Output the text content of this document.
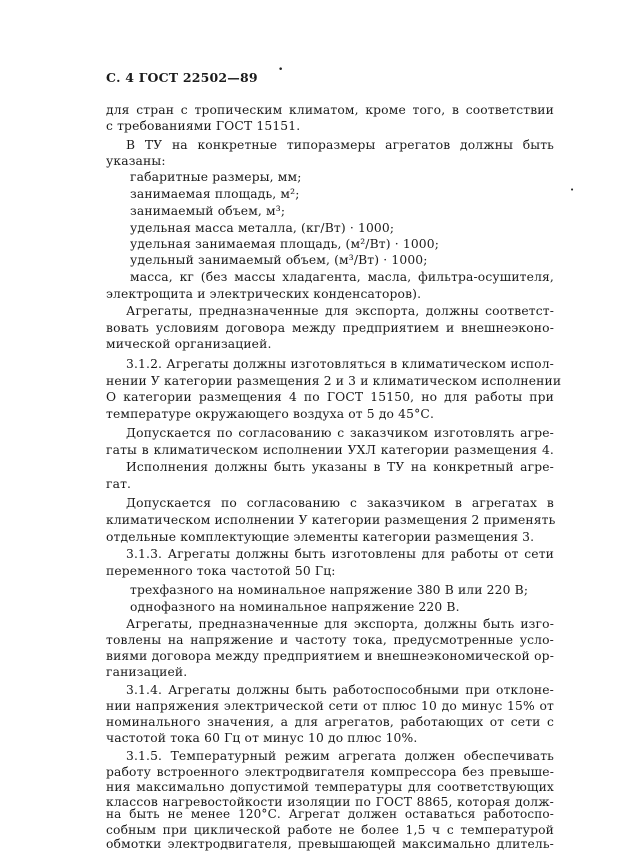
С. 4 ГОСТ 22502—89 •
•
для стран с тропическим климатом, кроме того, в соответствии
с требованиями ГОСТ 15151.
В ТУ на конкретные типоразмеры агрегатов должны быть
указаны:
габаритные размеры, мм;
занимаемая площадь, м²;
занимаемый объем, м³;
удельная масса металла, (кг/Вт) · 1000;
удельная занимаемая площадь, (м²/Вт) · 1000;
удельный занимаемый объем, (м³/Вт) · 1000;
масса, кг (без массы хладагента, масла, фильтра-осушителя,
электрощита и электрических конденсаторов).
Агрегаты, предназначенные для экспорта, должны соответст-
вовать условиям договора между предприятием и внешнеэконо-
мической организацией.
3.1.2. Агрегаты должны изготовляться в климатическом испол-
нении У категории размещения 2 и 3 и климатическом исполнении
О категории размещения 4 по ГОСТ 15150, но для работы при
температуре окружающего воздуха от 5 до 45°С.
Допускается по согласованию с заказчиком изготовлять агре-
гаты в климатическом исполнении УХЛ категории размещения 4.
Исполнения должны быть указаны в ТУ на конкретный агре-
гат.
Допускается по согласованию с заказчиком в агрегатах в
климатическом исполнении У категории размещения 2 применять
отдельные комплектующие элементы категории размещения 3.
3.1.3. Агрегаты должны быть изготовлены для работы от сети
переменного тока частотой 50 Гц:
трехфазного на номинальное напряжение 380 В или 220 В;
однофазного на номинальное напряжение 220 В.
Агрегаты, предназначенные для экспорта, должны быть изго-
товлены на напряжение и частоту тока, предусмотренные усло-
виями договора между предприятием и внешнеэкономической ор-
ганизацией.
3.1.4. Агрегаты должны быть работоспособными при отклоне-
нии напряжения электрической сети от плюс 10 до минус 15% от
номинального значения, а для агрегатов, работающих от сети с
частотой тока 60 Гц от минус 10 до плюс 10%.
3.1.5. Температурный режим агрегата должен обеспечивать
работу встроенного электродвигателя компрессора без превыше-
ния максимально допустимой температуры для соответствующих
классов нагревостойкости изоляции по ГОСТ 8865, которая долж-
на быть не менее 120°С. Агрегат должен оставаться работоспо-
собным при циклической работе не более 1,5 ч с температурой
обмотки электродвигателя, превышающей максимально длитель-
